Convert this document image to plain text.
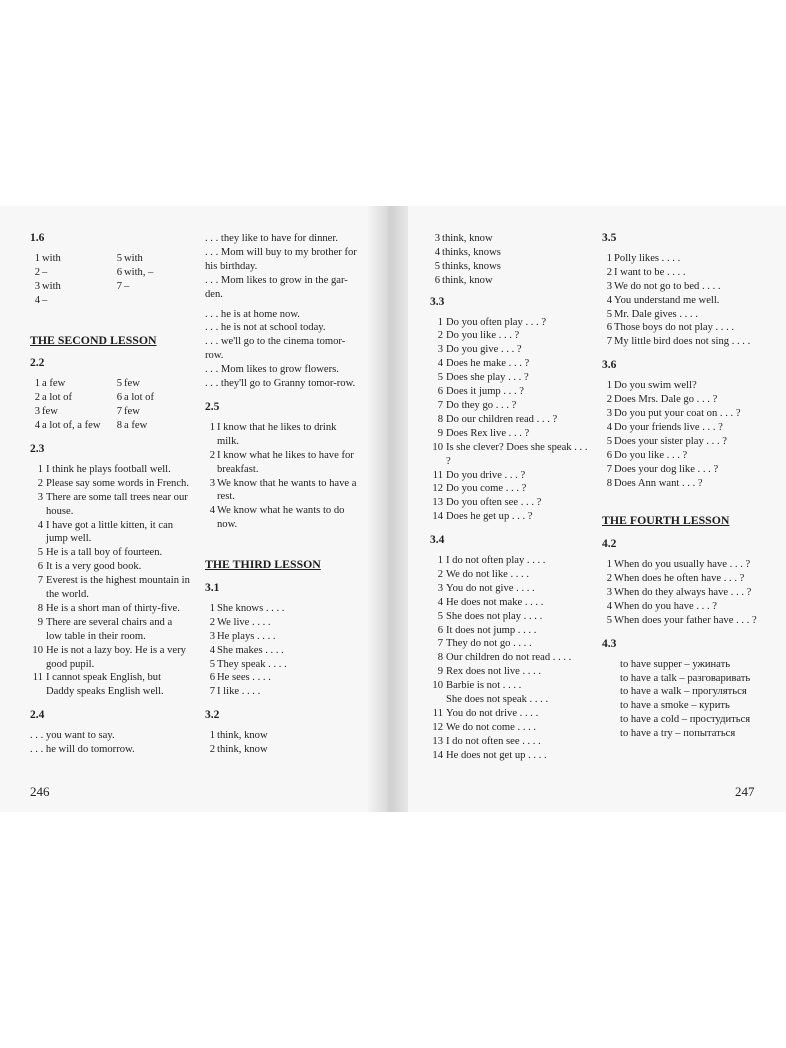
1.6
1 with	5 with
2 –	6 with, –
3 with	7 –
4 –
THE SECOND LESSON
2.2
1 a few	5 few
2 a lot of	6 a lot of
3 few	7 few
4 a lot of, a few	8 a few
2.3
1 I think he plays football well.
2 Please say some words in French.
3 There are some tall trees near our house.
4 I have got a little kitten, it can jump well.
5 He is a tall boy of fourteen.
6 It is a very good book.
7 Everest is the highest mountain in the world.
8 He is a short man of thirty-five.
9 There are several chairs and a low table in their room.
10 He is not a lazy boy. He is a very good pupil.
11 I cannot speak English, but Daddy speaks English well.
2.4
. . . you want to say.
. . . he will do tomorrow.
246
. . . they like to have for dinner.
. . . Mom will buy to my brother for his birthday.
. . . Mom likes to grow in the gar-den.
. . . he is at home now.
. . . he is not at school today.
. . . we'll go to the cinema tomor-row.
. . . Mom likes to grow flowers.
. . . they'll go to Granny tomor-row.
2.5
1 I know that he likes to drink milk.
2 I know what he likes to have for breakfast.
3 We know that he wants to have a rest.
4 We know what he wants to do now.
THE THIRD LESSON
3.1
1 She knows . . . .
2 We live . . . .
3 He plays . . . .
4 She makes . . . .
5 They speak . . . .
6 He sees . . . .
7 I like . . . .
3.2
1 think, know
2 think, know
3 think, know
4 thinks, knows
5 thinks, knows
6 think, know
3.3
1 Do you often play . . . ?
2 Do you like . . . ?
3 Do you give . . . ?
4 Does he make . . . ?
5 Does she play . . . ?
6 Does it jump . . . ?
7 Do they go . . . ?
8 Do our children read . . . ?
9 Does Rex live . . . ?
10 Is she clever? Does she speak . . . ?
11 Do you drive . . . ?
12 Do you come . . . ?
13 Do you often see . . . ?
14 Does he get up . . . ?
3.4
1 I do not often play . . . .
2 We do not like . . . .
3 You do not give . . . .
4 He does not make . . . .
5 She does not play . . . .
6 It does not jump . . . .
7 They do not go . . . .
8 Our children do not read . . . .
9 Rex does not live . . . .
10 Barbie is not . . . .
She does not speak . . . .
11 You do not drive . . . .
12 We do not come . . . .
13 I do not often see . . . .
14 He does not get up . . . .
3.5
1 Polly likes . . . .
2 I want to be . . . .
3 We do not go to bed . . . .
4 You understand me well.
5 Mr. Dale gives . . . .
6 Those boys do not play . . . .
7 My little bird does not sing . . . .
3.6
1 Do you swim well?
2 Does Mrs. Dale go . . . ?
3 Do you put your coat on . . . ?
4 Do your friends live . . . ?
5 Does your sister play . . . ?
6 Do you like . . . ?
7 Does your dog like . . . ?
8 Does Ann want . . . ?
THE FOURTH LESSON
4.2
1 When do you usually have . . . ?
2 When does he often have . . . ?
3 When do they always have . . . ?
4 When do you have . . . ?
5 When does your father have . . . ?
4.3
to have supper – ужинать
to have a talk – разговаривать
to have a walk – прогуляться
to have a smoke – курить
to have a cold – простудиться
to have a try – попытаться
247
